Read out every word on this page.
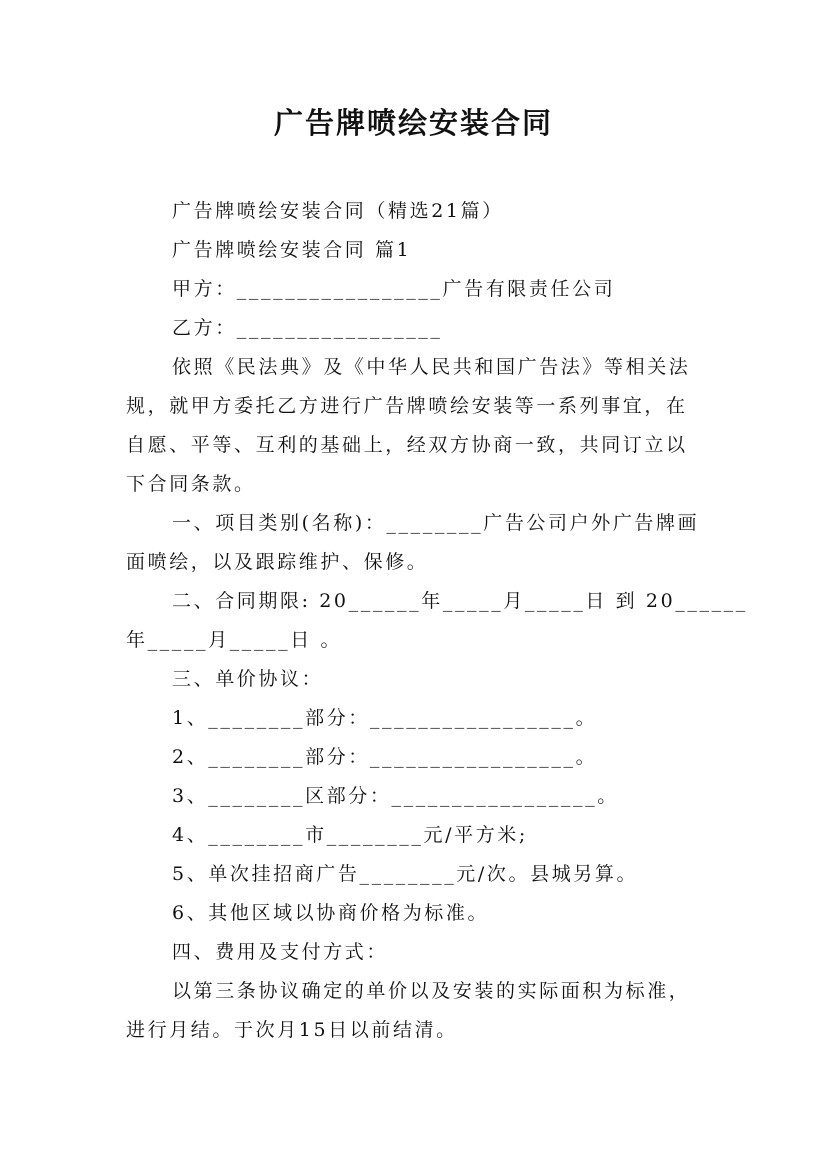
广告牌喷绘安装合同
广告牌喷绘安装合同（精选21篇）
广告牌喷绘安装合同 篇1
甲方：_________________广告有限责任公司
乙方：_________________
依照《民法典》及《中华人民共和国广告法》等相关法
规，就甲方委托乙方进行广告牌喷绘安装等一系列事宜，在
自愿、平等、互利的基础上，经双方协商一致，共同订立以
下合同条款。
一、项目类别(名称)：________广告公司户外广告牌画
面喷绘，以及跟踪维护、保修。
二、合同期限: 20______年_____月_____日 到 20______
年_____月_____日 。
三、单价协议：
1、________部分：_________________。
2、________部分：_________________。
3、________区部分：_________________。
4、________市________元/平方米;
5、单次挂招商广告________元/次。县城另算。
6、其他区域以协商价格为标准。
四、费用及支付方式：
以第三条协议确定的单价以及安装的实际面积为标准，
进行月结。于次月15日以前结清。
